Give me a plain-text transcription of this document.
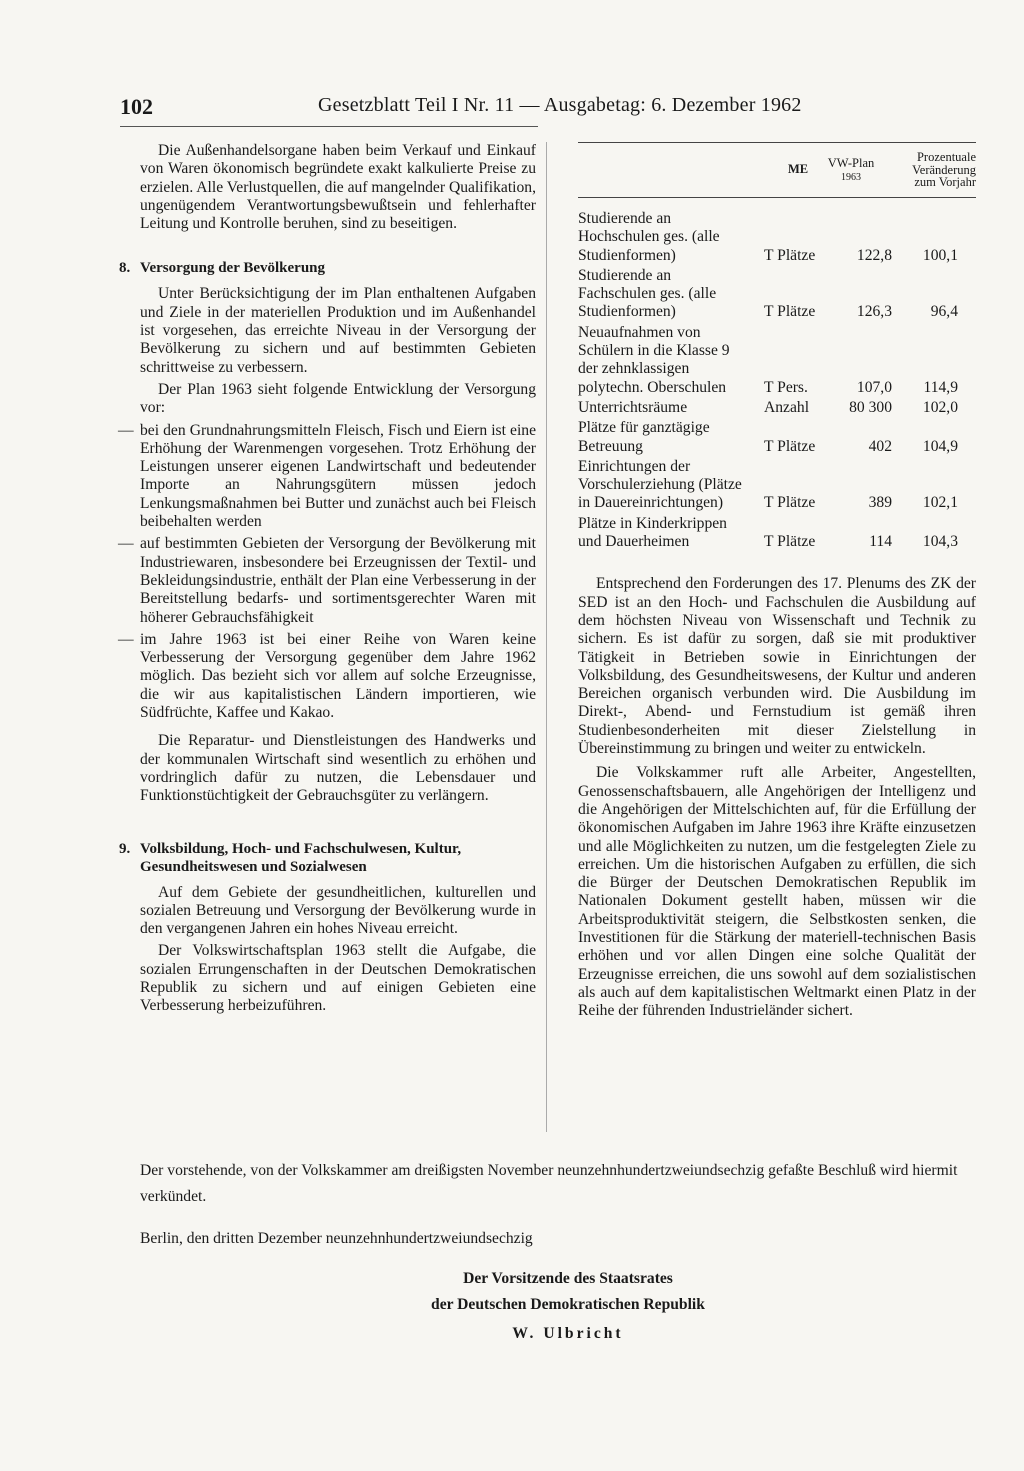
102	Gesetzblatt Teil I Nr. 11 — Ausgabetag: 6. Dezember 1962

Die Außenhandelsorgane haben beim Verkauf und Einkauf von Waren ökonomisch begründete exakt kalkulierte Preise zu erzielen. Alle Verlustquellen, die auf mangelnder Qualifikation, ungenügendem Verantwortungsbewußtsein und fehlerhafter Leitung und Kontrolle beruhen, sind zu beseitigen.

8. Versorgung der Bevölkerung

Unter Berücksichtigung der im Plan enthaltenen Aufgaben und Ziele in der materiellen Produktion und im Außenhandel ist vorgesehen, das erreichte Niveau in der Versorgung der Bevölkerung zu sichern und auf bestimmten Gebieten schrittweise zu verbessern.

Der Plan 1963 sieht folgende Entwicklung der Versorgung vor:

— bei den Grundnahrungsmitteln Fleisch, Fisch und Eiern ist eine Erhöhung der Warenmengen vorgesehen. Trotz Erhöhung der Leistungen unserer eigenen Landwirtschaft und bedeutender Importe an Nahrungsgütern müssen jedoch Lenkungsmaßnahmen bei Butter und zunächst auch bei Fleisch beibehalten werden
— auf bestimmten Gebieten der Versorgung der Bevölkerung mit Industriewaren, insbesondere bei Erzeugnissen der Textil- und Bekleidungsindustrie, enthält der Plan eine Verbesserung in der Bereitstellung bedarfs- und sortimentsgerechter Waren mit höherer Gebrauchsfähigkeit
— im Jahre 1963 ist bei einer Reihe von Waren keine Verbesserung der Versorgung gegenüber dem Jahre 1962 möglich. Das bezieht sich vor allem auf solche Erzeugnisse, die wir aus kapitalistischen Ländern importieren, wie Südfrüchte, Kaffee und Kakao.

Die Reparatur- und Dienstleistungen des Handwerks und der kommunalen Wirtschaft sind wesentlich zu erhöhen und vordringlich dafür zu nutzen, die Lebensdauer und Funktionstüchtigkeit der Gebrauchsgüter zu verlängern.

9. Volksbildung, Hoch- und Fachschulwesen, Kultur, Gesundheitswesen und Sozialwesen

Auf dem Gebiete der gesundheitlichen, kulturellen und sozialen Betreuung und Versorgung der Bevölkerung wurde in den vergangenen Jahren ein hohes Niveau erreicht.

Der Volkswirtschaftsplan 1963 stellt die Aufgabe, die sozialen Errungenschaften in der Deutschen Demokratischen Republik zu sichern und auf einigen Gebieten eine Verbesserung herbeizuführen.

ME	VW-Plan
1963
Prozentuale
Veränderung
zum Vorjahr
Studierende an Hochschulen ges. (alle Studienformen)	T Plätze	122,8	100,1
Studierende an Fachschulen ges. (alle Studienformen)	T Plätze	126,3	96,4
Neuaufnahmen von Schülern in die Klasse 9 der zehnklassigen polytechn. Oberschulen	T Pers.	107,0	114,9
Unterrichtsräume	Anzahl	80 300	102,0
Plätze für ganztägige Betreuung	T Plätze	402	104,9
Einrichtungen der Vorschulerziehung (Plätze in Dauereinrichtungen)	T Plätze	389	102,1
Plätze in Kinderkrippen und Dauerheimen	T Plätze	114	104,3

Entsprechend den Forderungen des 17. Plenums des ZK der SED ist an den Hoch- und Fachschulen die Ausbildung auf dem höchsten Niveau von Wissenschaft und Technik zu sichern. Es ist dafür zu sorgen, daß sie mit produktiver Tätigkeit in Betrieben sowie in Einrichtungen der Volksbildung, des Gesundheitswesens, der Kultur und anderen Bereichen organisch verbunden wird. Die Ausbildung im Direkt-, Abend- und Fernstudium ist gemäß ihren Studienbesonderheiten mit dieser Zielstellung in Übereinstimmung zu bringen und weiter zu entwickeln.

Die Volkskammer ruft alle Arbeiter, Angestellten, Genossenschaftsbauern, alle Angehörigen der Intelligenz und die Angehörigen der Mittelschichten auf, für die Erfüllung der ökonomischen Aufgaben im Jahre 1963 ihre Kräfte einzusetzen und alle Möglichkeiten zu nutzen, um die festgelegten Ziele zu erreichen. Um die historischen Aufgaben zu erfüllen, die sich die Bürger der Deutschen Demokratischen Republik im Nationalen Dokument gestellt haben, müssen wir die Arbeitsproduktivität steigern, die Selbstkosten senken, die Investitionen für die Stärkung der materiell-technischen Basis erhöhen und vor allen Dingen eine solche Qualität der Erzeugnisse erreichen, die uns sowohl auf dem sozialistischen als auch auf dem kapitalistischen Weltmarkt einen Platz in der Reihe der führenden Industrieländer sichert.

Der vorstehende, von der Volkskammer am dreißigsten November neunzehnhundertzweiundsechzig gefaßte Beschluß wird hiermit verkündet.

Berlin, den dritten Dezember neunzehnhundertzweiundsechzig

Der Vorsitzende des Staatsrates
der Deutschen Demokratischen Republik
W. Ulbricht
